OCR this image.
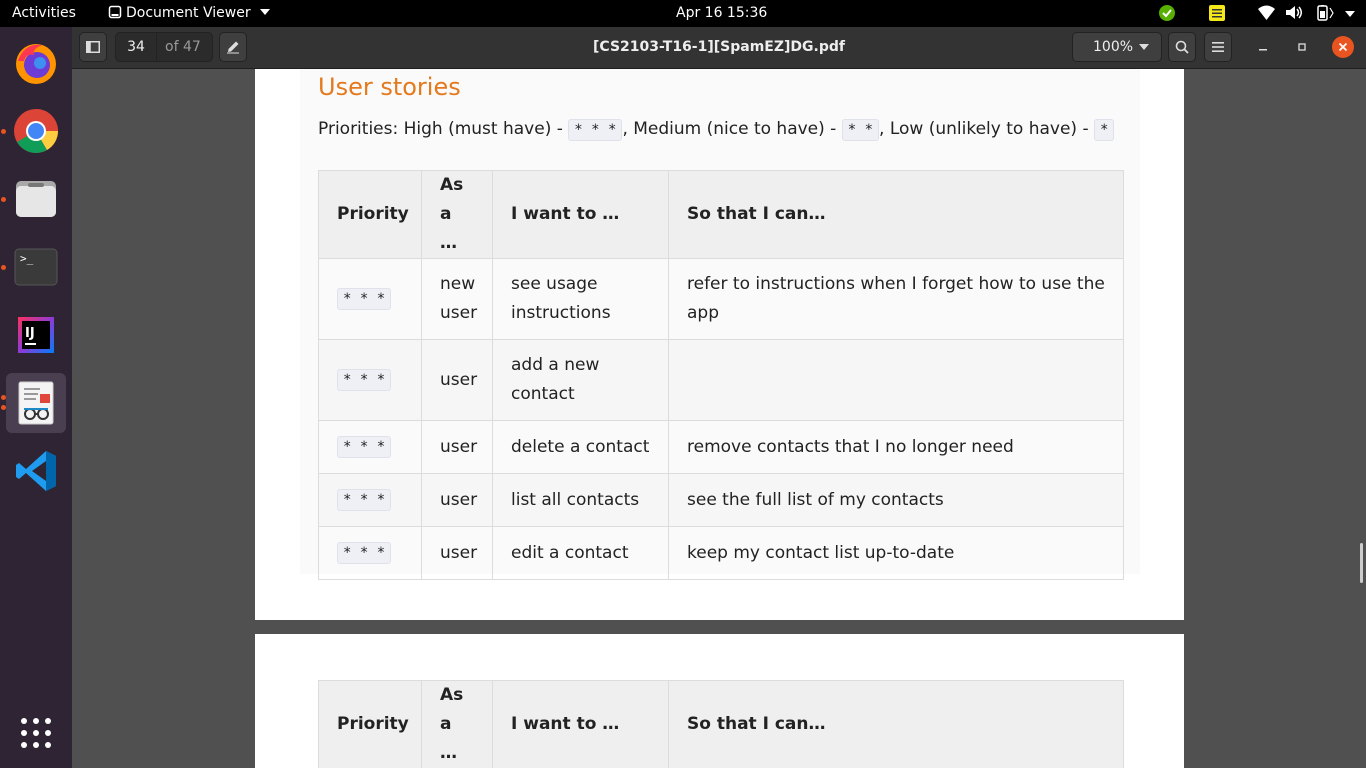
Activities	Document Viewer	Apr 16 15:36
>_
IJ
34	of 47	[CS2103-T16-1][SpamEZ]DG.pdf	100%
User stories
Priorities: High (must have) - * * * , Medium (nice to have) - * * , Low (unlikely to have) - *
Priority	As a …	I want to …	So that I can…
* * *	new user	see usage instructions	refer to instructions when I forget how to use the app
* * *	user	add a new contact	
* * *	user	delete a contact	remove contacts that I no longer need
* * *	user	list all contacts	see the full list of my contacts
* * *	user	edit a contact	keep my contact list up-to-date
Priority	As a …	I want to …	So that I can…
